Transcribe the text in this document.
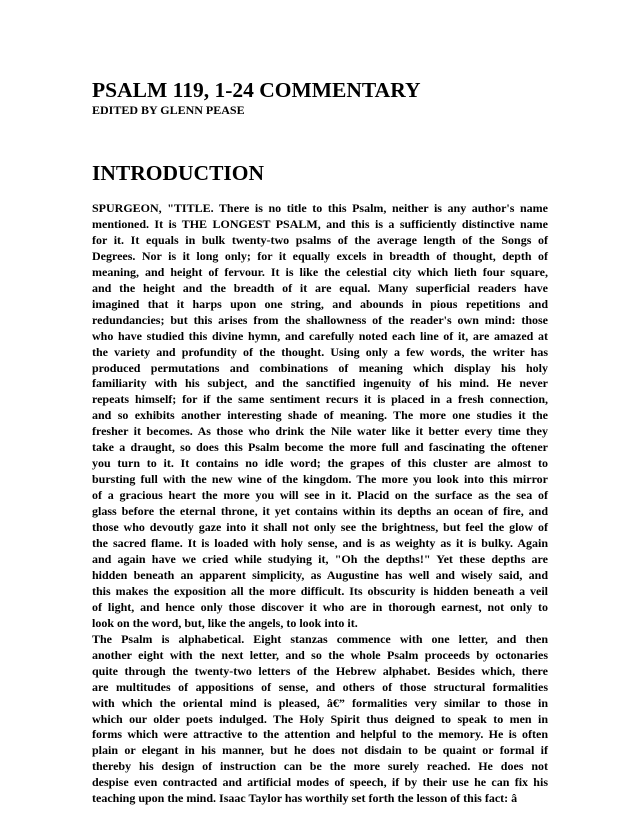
PSALM 119, 1-24 COMMENTARY
EDITED BY GLENN PEASE
INTRODUCTION
SPURGEON, "TITLE. There is no title to this Psalm, neither is any author's name
mentioned. It is THE LONGEST PSALM, and this is a sufficiently distinctive name
for it. It equals in bulk twenty-two psalms of the average length of the Songs of
Degrees. Nor is it long only; for it equally excels in breadth of thought, depth of
meaning, and height of fervour. It is like the celestial city which lieth four square,
and the height and the breadth of it are equal. Many superficial readers have
imagined that it harps upon one string, and abounds in pious repetitions and
redundancies; but this arises from the shallowness of the reader's own mind: those
who have studied this divine hymn, and carefully noted each line of it, are amazed at
the variety and profundity of the thought. Using only a few words, the writer has
produced permutations and combinations of meaning which display his holy
familiarity with his subject, and the sanctified ingenuity of his mind. He never
repeats himself; for if the same sentiment recurs it is placed in a fresh connection,
and so exhibits another interesting shade of meaning. The more one studies it the
fresher it becomes. As those who drink the Nile water like it better every time they
take a draught, so does this Psalm become the more full and fascinating the oftener
you turn to it. It contains no idle word; the grapes of this cluster are almost to
bursting full with the new wine of the kingdom. The more you look into this mirror
of a gracious heart the more you will see in it. Placid on the surface as the sea of
glass before the eternal throne, it yet contains within its depths an ocean of fire, and
those who devoutly gaze into it shall not only see the brightness, but feel the glow of
the sacred flame. It is loaded with holy sense, and is as weighty as it is bulky. Again
and again have we cried while studying it, "Oh the depths!" Yet these depths are
hidden beneath an apparent simplicity, as Augustine has well and wisely said, and
this makes the exposition all the more difficult. Its obscurity is hidden beneath a veil
of light, and hence only those discover it who are in thorough earnest, not only to
look on the word, but, like the angels, to look into it.
The Psalm is alphabetical. Eight stanzas commence with one letter, and then
another eight with the next letter, and so the whole Psalm proceeds by octonaries
quite through the twenty-two letters of the Hebrew alphabet. Besides which, there
are multitudes of appositions of sense, and others of those structural formalities
with which the oriental mind is pleased, â€” formalities very similar to those in
which our older poets indulged. The Holy Spirit thus deigned to speak to men in
forms which were attractive to the attention and helpful to the memory. He is often
plain or elegant in his manner, but he does not disdain to be quaint or formal if
thereby his design of instruction can be the more surely reached. He does not
despise even contracted and artificial modes of speech, if by their use he can fix his
teaching upon the mind. Isaac Taylor has worthily set forth the lesson of this fact: â
